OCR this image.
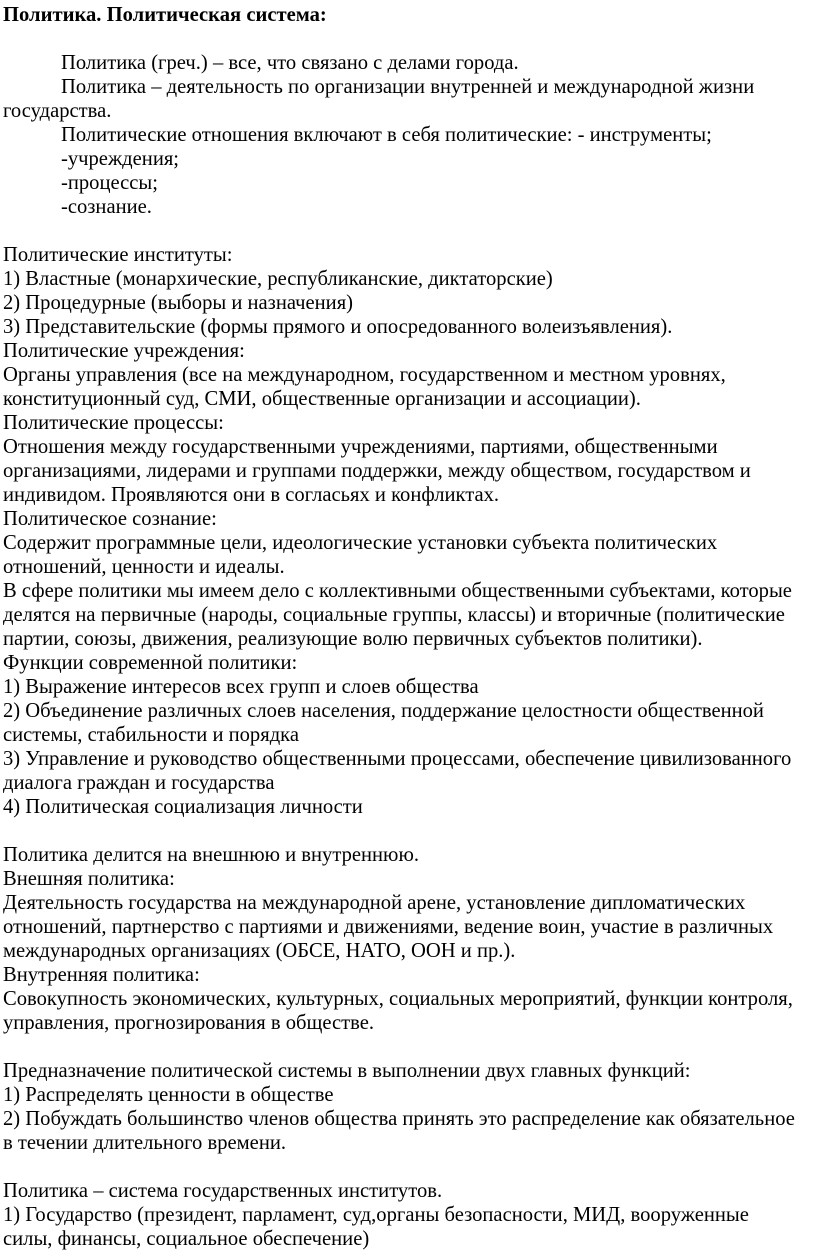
Политика. Политическая система:
Политика (греч.) – все, что связано с делами города.
Политика – деятельность по организации внутренней и международной жизни
государства.
Политические отношения включают в себя политические: - инструменты;
-учреждения;
-процессы;
-сознание.
Политические институты:
1) Властные (монархические, республиканские, диктаторские)
2) Процедурные (выборы и назначения)
3) Представительские (формы прямого и опосредованного волеизъявления).
Политические учреждения:
Органы управления (все на международном, государственном и местном уровнях,
конституционный суд, СМИ, общественные организации и ассоциации).
Политические процессы:
Отношения между государственными учреждениями, партиями, общественными
организациями, лидерами и группами поддержки, между обществом, государством и
индивидом. Проявляются они в согласьях и конфликтах.
Политическое сознание:
Содержит программные цели, идеологические установки субъекта политических
отношений, ценности и идеалы.
В сфере политики мы имеем дело с коллективными общественными субъектами, которые
делятся на первичные (народы, социальные группы, классы) и вторичные (политические
партии, союзы, движения, реализующие волю первичных субъектов политики).
Функции современной политики:
1) Выражение интересов всех групп и слоев общества
2) Объединение различных слоев населения, поддержание целостности общественной
системы, стабильности и порядка
3) Управление и руководство общественными процессами, обеспечение цивилизованного
диалога граждан и государства
4) Политическая социализация личности
Политика делится на внешнюю и внутреннюю.
Внешняя политика:
Деятельность государства на международной арене, установление дипломатических
отношений, партнерство с партиями и движениями, ведение воин, участие в различных
международных организациях (ОБСЕ, НАТО, ООН и пр.).
Внутренняя политика:
Совокупность экономических, культурных, социальных мероприятий, функции контроля,
управления, прогнозирования в обществе.
Предназначение политической системы в выполнении двух главных функций:
1) Распределять ценности в обществе
2) Побуждать большинство членов общества принять это распределение как обязательное
в течении длительного времени.
Политика – система государственных институтов.
1) Государство (президент, парламент, суд,органы безопасности, МИД, вооруженные
силы, финансы, социальное обеспечение)
